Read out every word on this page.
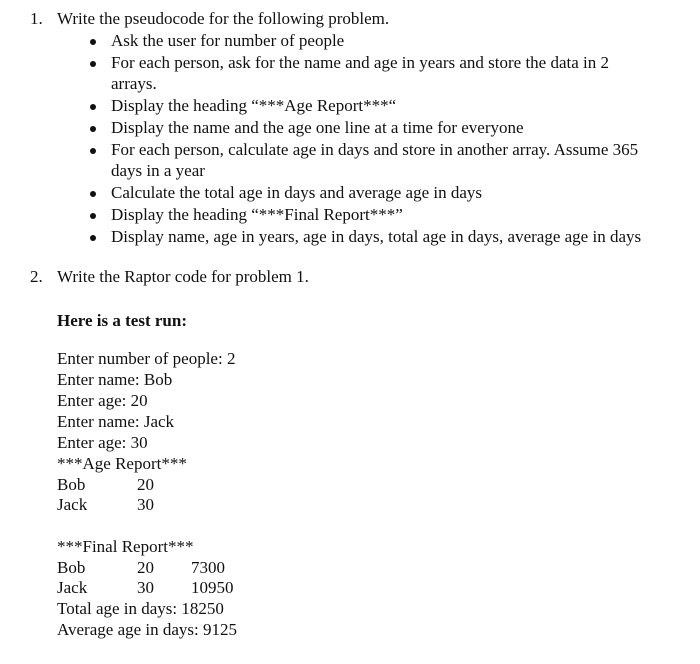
1. Write the pseudocode for the following problem.
Ask the user for number of people
For each person, ask for the name and age in years and store the data in 2
arrays.
Display the heading “***Age Report***“
Display the name and the age one line at a time for everyone
For each person, calculate age in days and store in another array. Assume 365
days in a year
Calculate the total age in days and average age in days
Display the heading “***Final Report***”
Display name, age in years, age in days, total age in days, average age in days
2. Write the Raptor code for problem 1.
Here is a test run:
Enter number of people: 2
Enter name: Bob
Enter age: 20
Enter name: Jack
Enter age: 30
***Age Report***
Bob	20
Jack	30
***Final Report***
Bob	20 7300
Jack	30 10950
Total age in days: 18250
Average age in days: 9125
